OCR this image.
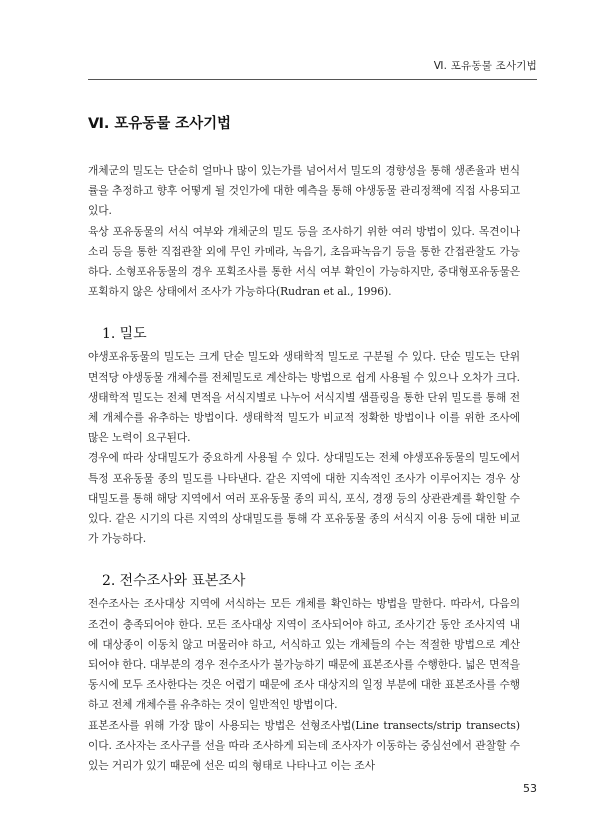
Ⅵ. 포유동물 조사기법
Ⅵ. 포유동물 조사기법

개체군의 밀도는 단순히 얼마나 많이 있는가를 넘어서서 밀도의 경향성을 통해 생존율과 번식률을 추정하고 향후 어떻게 될 것인가에 대한 예측을 통해 야생동물 관리정책에 직접 사용되고 있다.

육상 포유동물의 서식 여부와 개체군의 밀도 등을 조사하기 위한 여러 방법이 있다. 목견이나 소리 등을 통한 직접관찰 외에 무인 카메라, 녹음기, 초음파녹음기 등을 통한 간접관찰도 가능하다. 소형포유동물의 경우 포획조사를 통한 서식 여부 확인이 가능하지만, 중대형포유동물은 포획하지 않은 상태에서 조사가 가능하다(Rudran et al., 1996).

1. 밀도

야생포유동물의 밀도는 크게 단순 밀도와 생태학적 밀도로 구분될 수 있다. 단순 밀도는 단위 면적당 야생동물 개체수를 전체밀도로 계산하는 방법으로 쉽게 사용될 수 있으나 오차가 크다. 생태학적 밀도는 전체 면적을 서식지별로 나누어 서식지별 샘플링을 통한 단위 밀도를 통해 전체 개체수를 유추하는 방법이다. 생태학적 밀도가 비교적 정확한 방법이나 이를 위한 조사에 많은 노력이 요구된다.

경우에 따라 상대밀도가 중요하게 사용될 수 있다. 상대밀도는 전체 야생포유동물의 밀도에서 특정 포유동물 종의 밀도를 나타낸다. 같은 지역에 대한 지속적인 조사가 이루어지는 경우 상대밀도를 통해 해당 지역에서 여러 포유동물 종의 피식, 포식, 경쟁 등의 상관관계를 확인할 수 있다. 같은 시기의 다른 지역의 상대밀도를 통해 각 포유동물 종의 서식지 이용 등에 대한 비교가 가능하다.

2. 전수조사와 표본조사

전수조사는 조사대상 지역에 서식하는 모든 개체를 확인하는 방법을 말한다. 따라서, 다음의 조건이 충족되어야 한다. 모든 조사대상 지역이 조사되어야 하고, 조사기간 동안 조사지역 내에 대상종이 이동치 않고 머물러야 하고, 서식하고 있는 개체들의 수는 적절한 방법으로 계산되어야 한다. 대부분의 경우 전수조사가 불가능하기 때문에 표본조사를 수행한다. 넓은 면적을 동시에 모두 조사한다는 것은 어렵기 때문에 조사 대상지의 일정 부분에 대한 표본조사를 수행하고 전체 개체수를 유추하는 것이 일반적인 방법이다.

표본조사를 위해 가장 많이 사용되는 방법은 선형조사법(Line transects/strip transects)이다. 조사자는 조사구를 선을 따라 조사하게 되는데 조사자가 이동하는 중심선에서 관찰할 수 있는 거리가 있기 때문에 선은 띠의 형태로 나타나고 이는 조사

53
